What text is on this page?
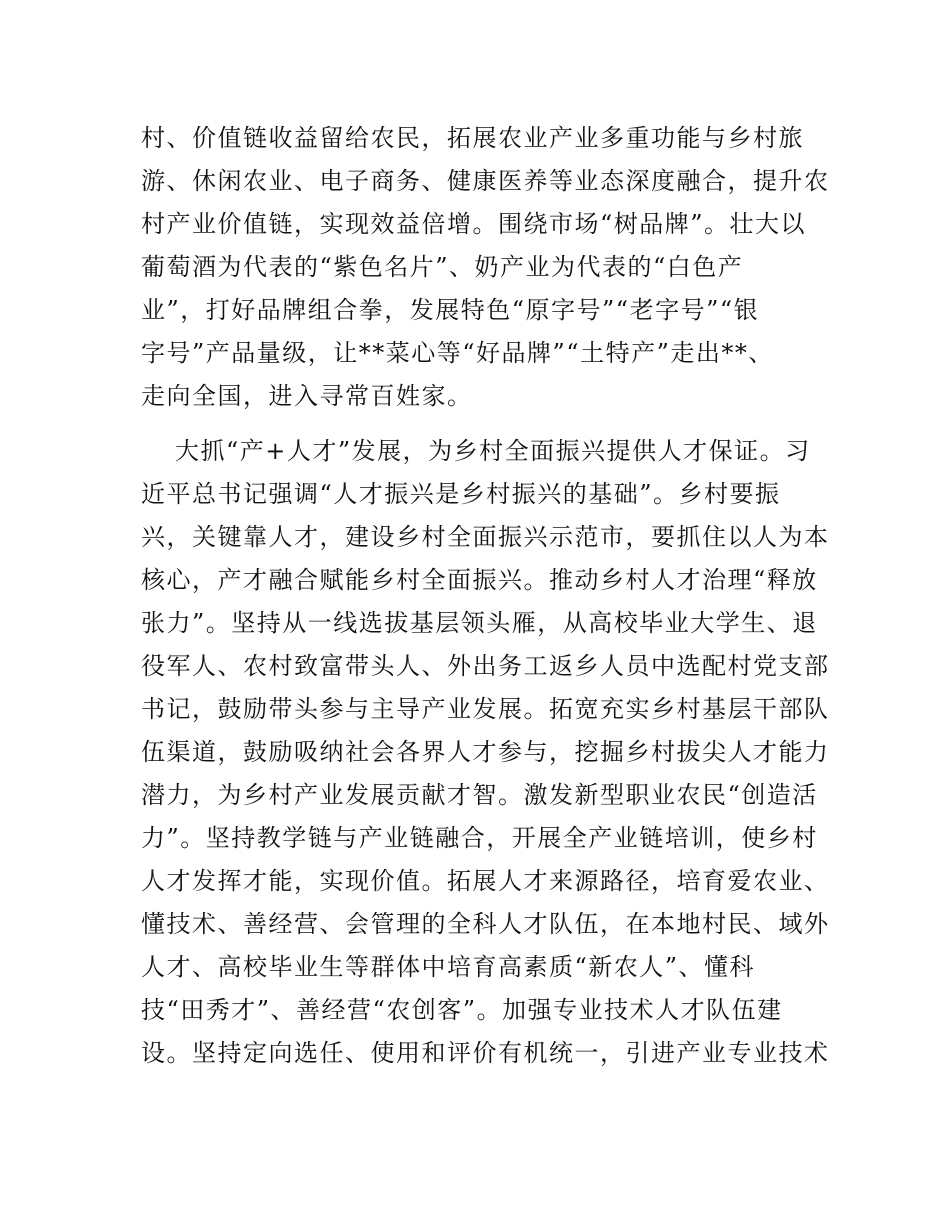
村、价值链收益留给农民，拓展农业产业多重功能与乡村旅
游、休闲农业、电子商务、健康医养等业态深度融合，提升农
村产业价值链，实现效益倍增。围绕市场“树品牌”。壮大以
葡萄酒为代表的“紫色名片”、奶产业为代表的“白色产
业”，打好品牌组合拳，发展特色“原字号”“老字号”“银
字号”产品量级，让**菜心等“好品牌”“土特产”走出**、
走向全国，进入寻常百姓家。
大抓“产+人才”发展，为乡村全面振兴提供人才保证。习
近平总书记强调“人才振兴是乡村振兴的基础”。乡村要振
兴，关键靠人才，建设乡村全面振兴示范市，要抓住以人为本
核心，产才融合赋能乡村全面振兴。推动乡村人才治理“释放
张力”。坚持从一线选拔基层领头雁，从高校毕业大学生、退
役军人、农村致富带头人、外出务工返乡人员中选配村党支部
书记，鼓励带头参与主导产业发展。拓宽充实乡村基层干部队
伍渠道，鼓励吸纳社会各界人才参与，挖掘乡村拔尖人才能力
潜力，为乡村产业发展贡献才智。激发新型职业农民“创造活
力”。坚持教学链与产业链融合，开展全产业链培训，使乡村
人才发挥才能，实现价值。拓展人才来源路径，培育爱农业、
懂技术、善经营、会管理的全科人才队伍，在本地村民、域外
人才、高校毕业生等群体中培育高素质“新农人”、懂科
技“田秀才”、善经营“农创客”。加强专业技术人才队伍建
设。坚持定向选任、使用和评价有机统一，引进产业专业技术
